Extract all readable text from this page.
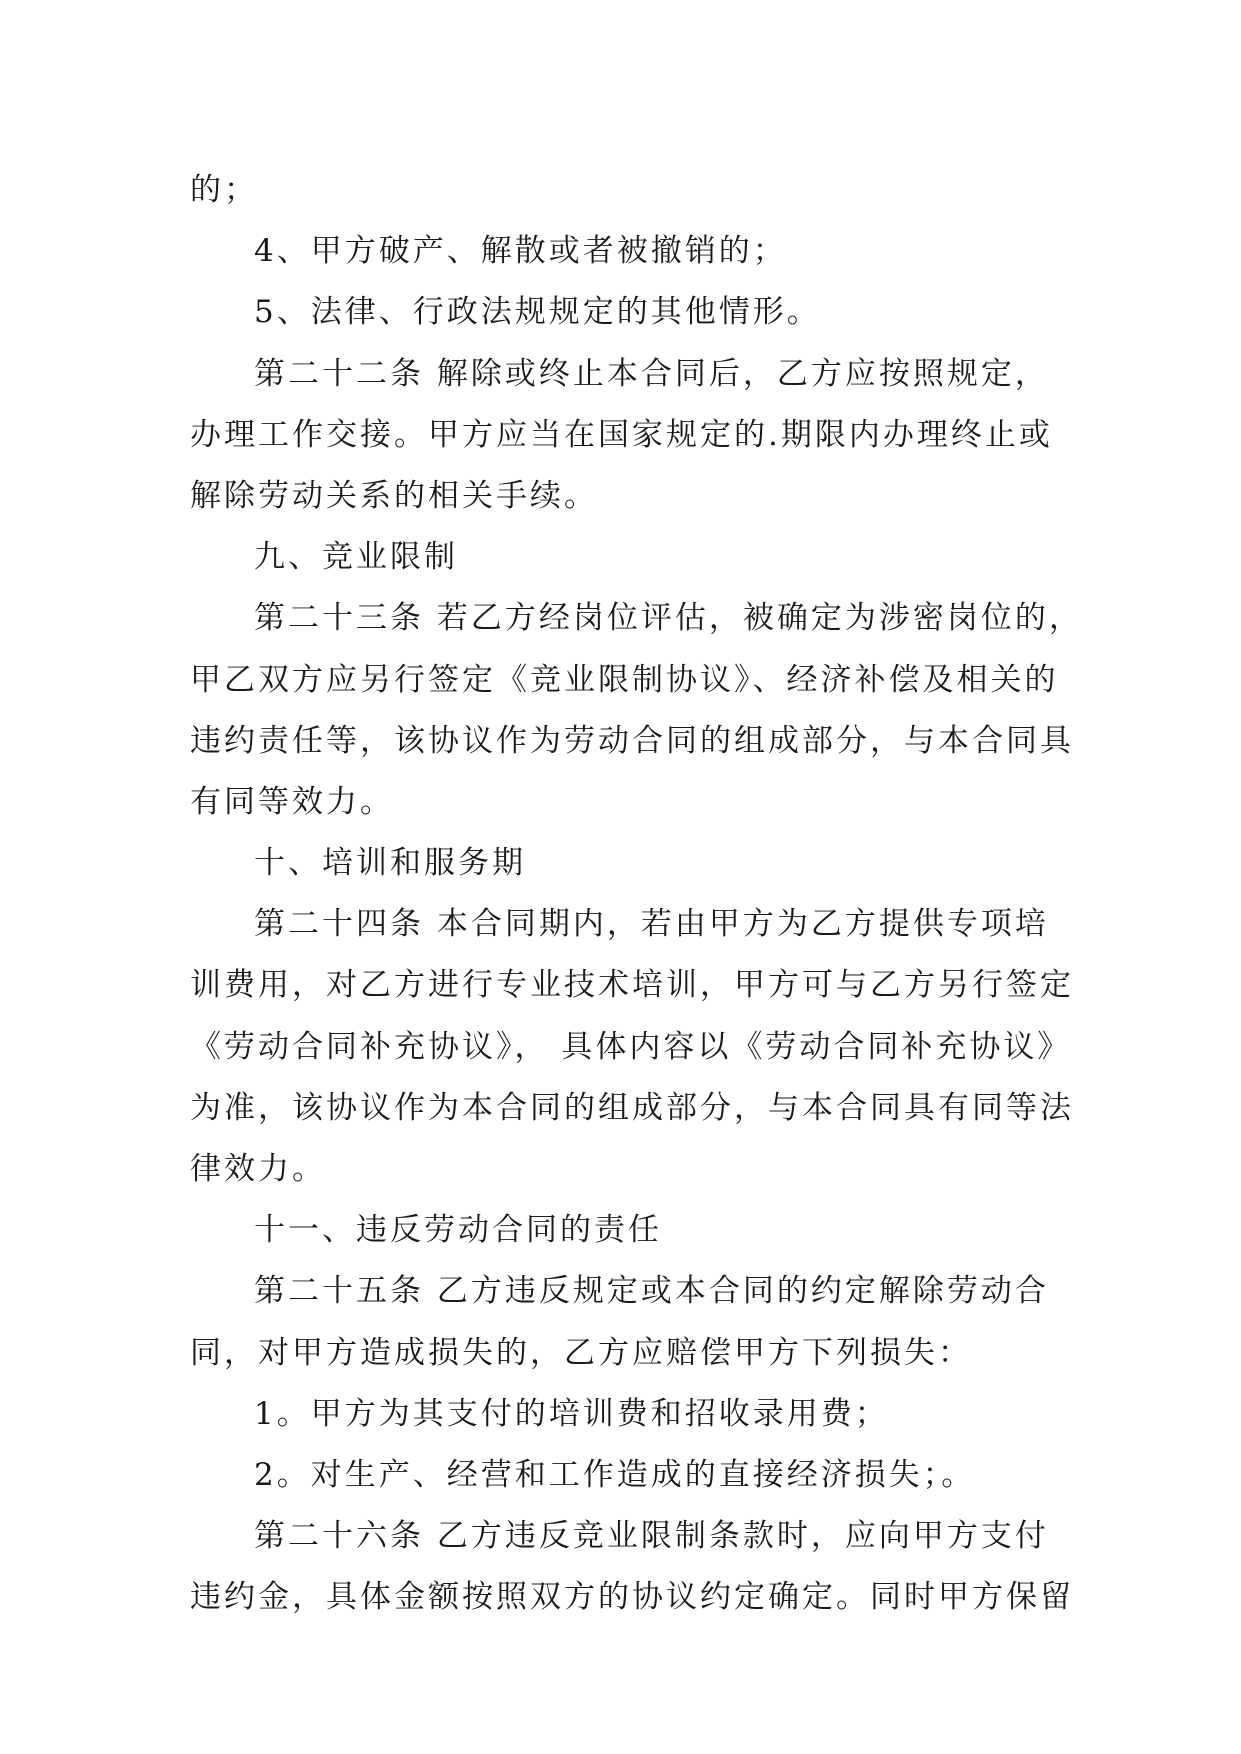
的；
4、甲方破产、解散或者被撤销的；
5、法律、行政法规规定的其他情形。
第二十二条 解除或终止本合同后，乙方应按照规定，
办理工作交接。甲方应当在国家规定的.期限内办理终止或
解除劳动关系的相关手续。
九、竞业限制
第二十三条 若乙方经岗位评估，被确定为涉密岗位的，
甲乙双方应另行签定《竞业限制协议》、经济补偿及相关的
违约责任等，该协议作为劳动合同的组成部分，与本合同具
有同等效力。
十、培训和服务期
第二十四条 本合同期内，若由甲方为乙方提供专项培
训费用，对乙方进行专业技术培训，甲方可与乙方另行签定
《劳动合同补充协议》， 具体内容以《劳动合同补充协议》
为准，该协议作为本合同的组成部分，与本合同具有同等法
律效力。
十一、违反劳动合同的责任
第二十五条 乙方违反规定或本合同的约定解除劳动合
同，对甲方造成损失的，乙方应赔偿甲方下列损失：
1。甲方为其支付的培训费和招收录用费；
2。对生产、经营和工作造成的直接经济损失；。
第二十六条 乙方违反竞业限制条款时，应向甲方支付
违约金，具体金额按照双方的协议约定确定。同时甲方保留
